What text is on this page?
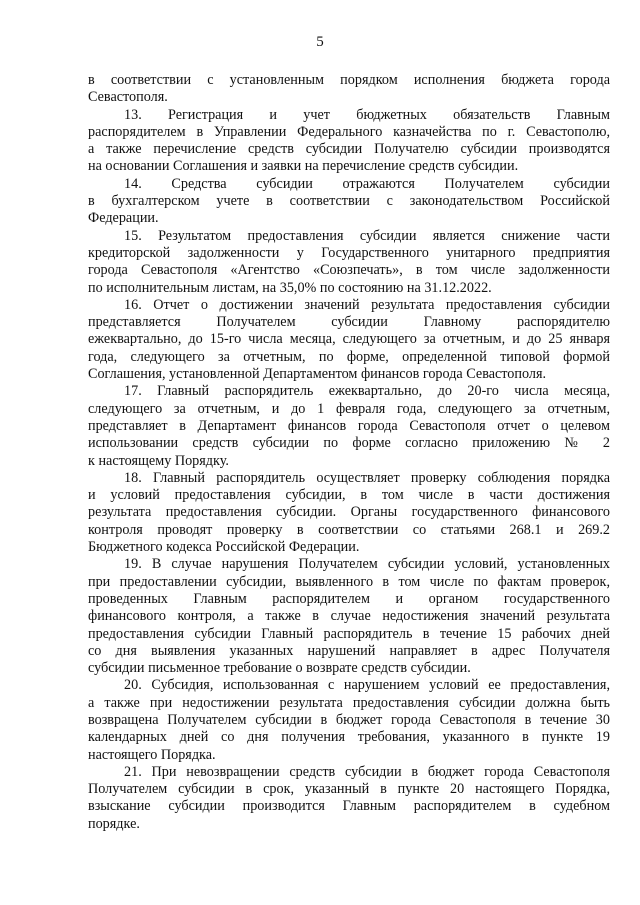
5
в соответствии с установленным порядком исполнения бюджета города
Севастополя.
13. Регистрация и учет бюджетных обязательств Главным
распорядителем в Управлении Федерального казначейства по г. Севастополю,
а также перечисление средств субсидии Получателю субсидии производятся
на основании Соглашения и заявки на перечисление средств субсидии.
14. Средства субсидии отражаются Получателем субсидии
в бухгалтерском учете в соответствии с законодательством Российской
Федерации.
15. Результатом предоставления субсидии является снижение части
кредиторской задолженности у Государственного унитарного предприятия
города Севастополя «Агентство «Союзпечать», в том числе задолженности
по исполнительным листам, на 35,0% по состоянию на 31.12.2022.
16. Отчет о достижении значений результата предоставления субсидии
представляется Получателем субсидии Главному распорядителю
ежеквартально, до 15-го числа месяца, следующего за отчетным, и до 25 января
года, следующего за отчетным, по форме, определенной типовой формой
Соглашения, установленной Департаментом финансов города Севастополя.
17. Главный распорядитель ежеквартально, до 20-го числа месяца,
следующего за отчетным, и до 1 февраля года, следующего за отчетным,
представляет в Департамент финансов города Севастополя отчет о целевом
использовании средств субсидии по форме согласно приложению № 2
к настоящему Порядку.
18. Главный распорядитель осуществляет проверку соблюдения порядка
и условий предоставления субсидии, в том числе в части достижения
результата предоставления субсидии. Органы государственного финансового
контроля проводят проверку в соответствии со статьями 268.1 и 269.2
Бюджетного кодекса Российской Федерации.
19. В случае нарушения Получателем субсидии условий, установленных
при предоставлении субсидии, выявленного в том числе по фактам проверок,
проведенных Главным распорядителем и органом государственного
финансового контроля, а также в случае недостижения значений результата
предоставления субсидии Главный распорядитель в течение 15 рабочих дней
со дня выявления указанных нарушений направляет в адрес Получателя
субсидии письменное требование о возврате средств субсидии.
20. Субсидия, использованная с нарушением условий ее предоставления,
а также при недостижении результата предоставления субсидии должна быть
возвращена Получателем субсидии в бюджет города Севастополя в течение 30
календарных дней со дня получения требования, указанного в пункте 19
настоящего Порядка.
21. При невозвращении средств субсидии в бюджет города Севастополя
Получателем субсидии в срок, указанный в пункте 20 настоящего Порядка,
взыскание субсидии производится Главным распорядителем в судебном
порядке.
